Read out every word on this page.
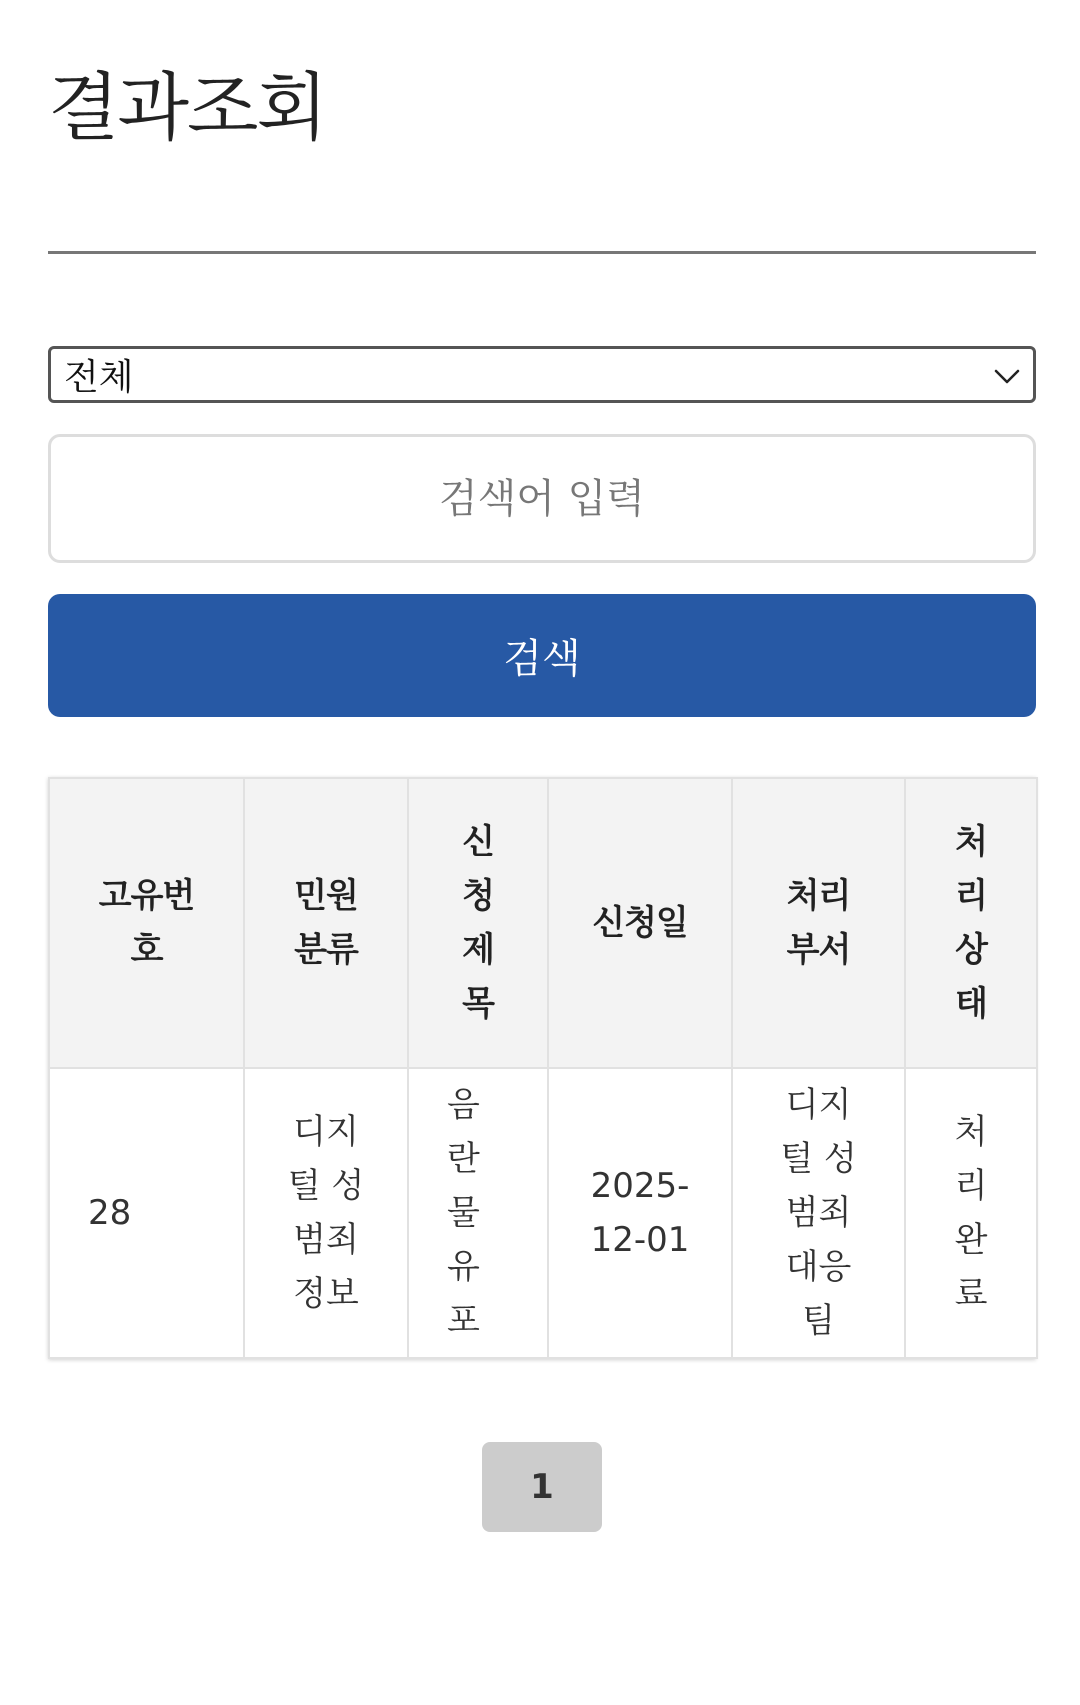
결과조회
전체
검색어 입력
검색
고유번호	민원분류	신청제목	신청일	처리부서	처리상태
28	디지털 성범죄 정보	음란물 유포	2025-12-01	디지털 성범죄 대응팀	처리완료
1
